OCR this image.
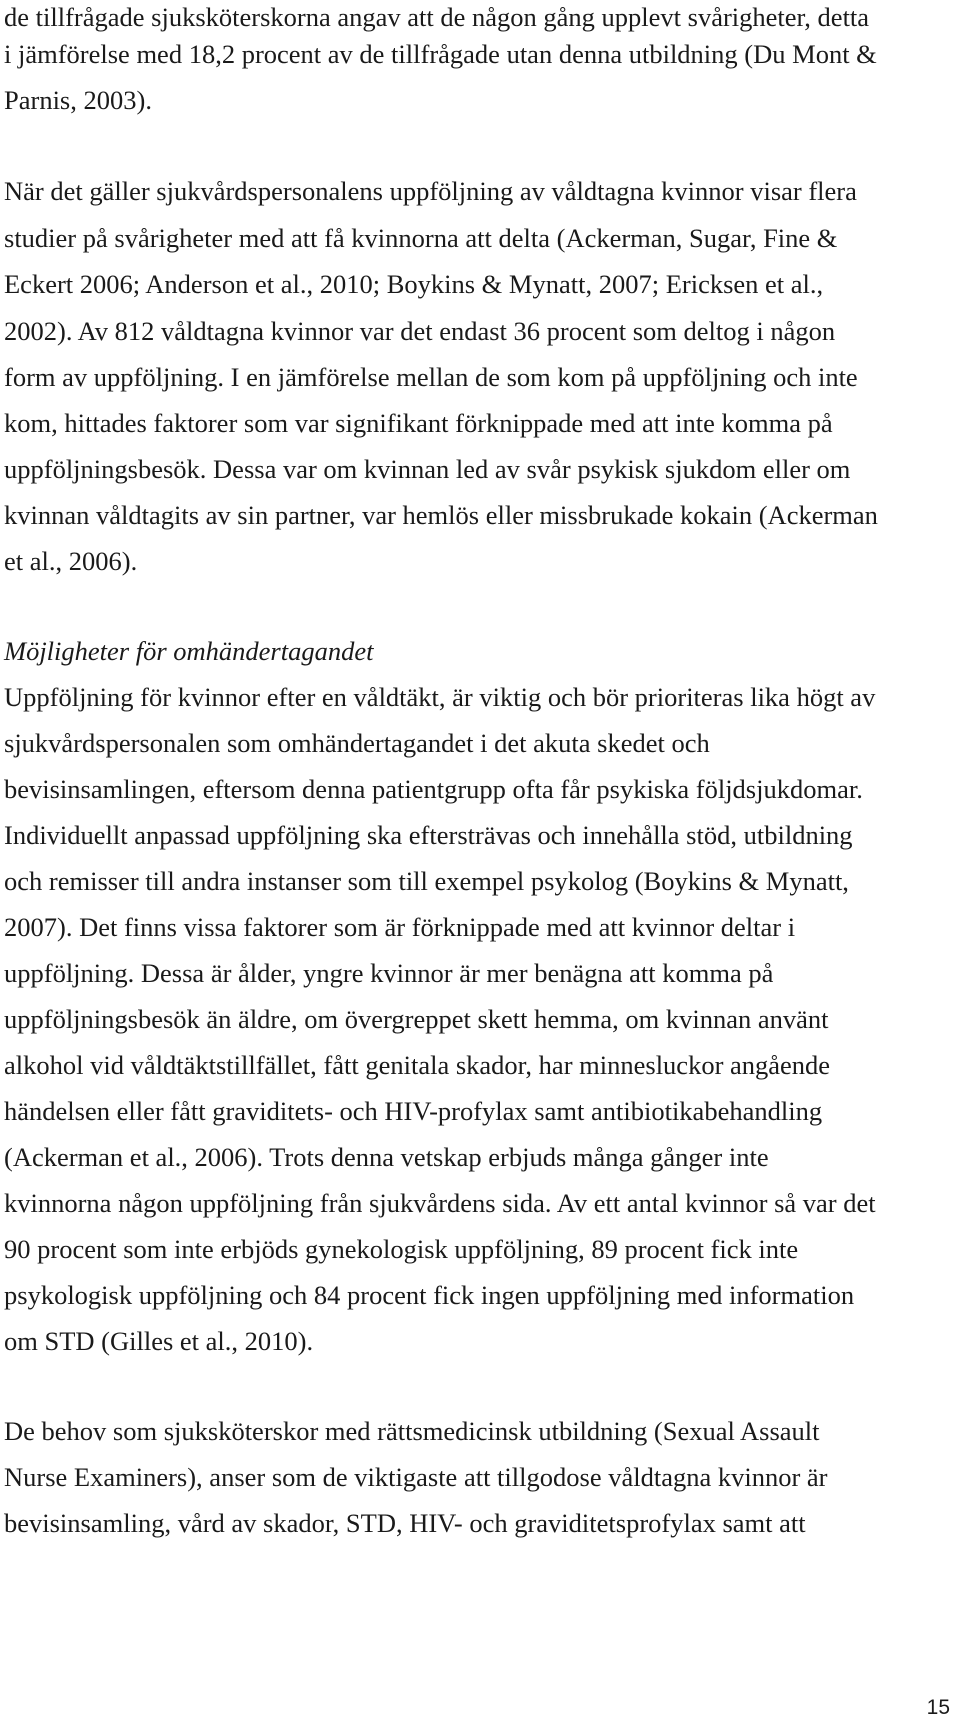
de tillfrågade sjuksköterskorna angav att de någon gång upplevt svårigheter, detta
i jämförelse med 18,2 procent av de tillfrågade utan denna utbildning (Du Mont &
Parnis, 2003).
När det gäller sjukvårdspersonalens uppföljning av våldtagna kvinnor visar flera
studier på svårigheter med att få kvinnorna att delta (Ackerman, Sugar, Fine &
Eckert 2006; Anderson et al., 2010; Boykins & Mynatt, 2007; Ericksen et al.,
2002). Av 812 våldtagna kvinnor var det endast 36 procent som deltog i någon
form av uppföljning. I en jämförelse mellan de som kom på uppföljning och inte
kom, hittades faktorer som var signifikant förknippade med att inte komma på
uppföljningsbesök. Dessa var om kvinnan led av svår psykisk sjukdom eller om
kvinnan våldtagits av sin partner, var hemlös eller missbrukade kokain (Ackerman
et al., 2006).
Möjligheter för omhändertagandet
Uppföljning för kvinnor efter en våldtäkt, är viktig och bör prioriteras lika högt av
sjukvårdspersonalen som omhändertagandet i det akuta skedet och
bevisinsamlingen, eftersom denna patientgrupp ofta får psykiska följdsjukdomar.
Individuellt anpassad uppföljning ska eftersträvas och innehålla stöd, utbildning
och remisser till andra instanser som till exempel psykolog (Boykins & Mynatt,
2007). Det finns vissa faktorer som är förknippade med att kvinnor deltar i
uppföljning. Dessa är ålder, yngre kvinnor är mer benägna att komma på
uppföljningsbesök än äldre, om övergreppet skett hemma, om kvinnan använt
alkohol vid våldtäktstillfället, fått genitala skador, har minnesluckor angående
händelsen eller fått graviditets- och HIV-profylax samt antibiotikabehandling
(Ackerman et al., 2006). Trots denna vetskap erbjuds många gånger inte
kvinnorna någon uppföljning från sjukvårdens sida. Av ett antal kvinnor så var det
90 procent som inte erbjöds gynekologisk uppföljning, 89 procent fick inte
psykologisk uppföljning och 84 procent fick ingen uppföljning med information
om STD (Gilles et al., 2010).
De behov som sjuksköterskor med rättsmedicinsk utbildning (Sexual Assault
Nurse Examiners), anser som de viktigaste att tillgodose våldtagna kvinnor är
bevisinsamling, vård av skador, STD, HIV- och graviditetsprofylax samt att
15
